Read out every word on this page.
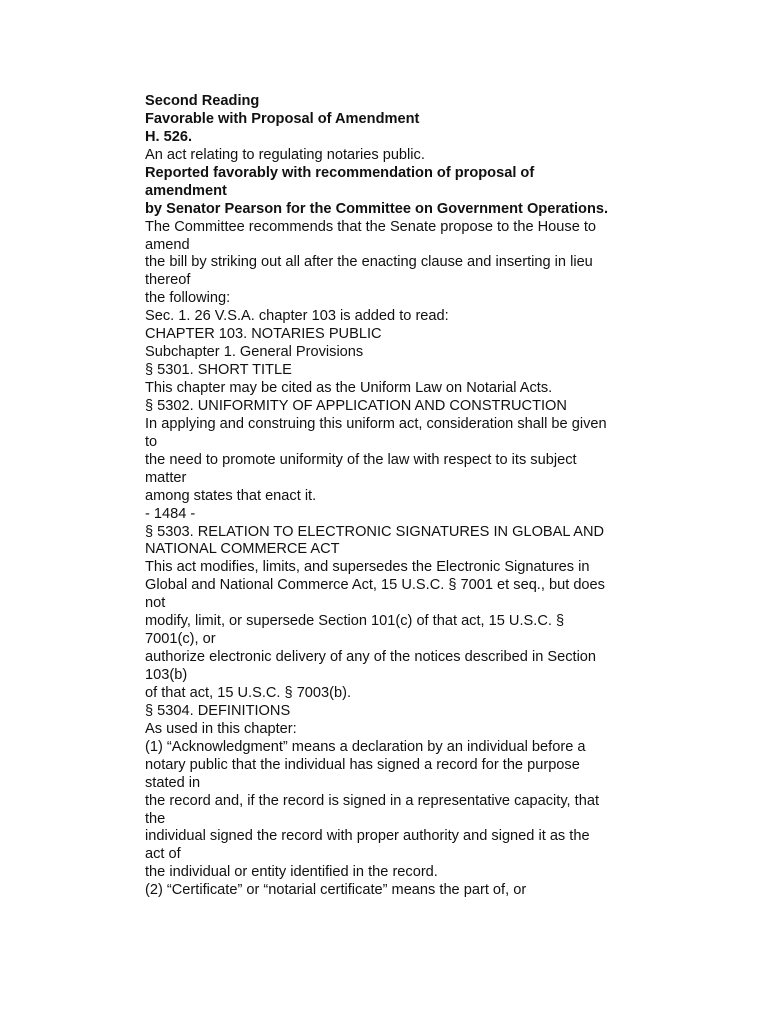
Second Reading
Favorable with Proposal of Amendment
H. 526.
An act relating to regulating notaries public.
Reported favorably with recommendation of proposal of
amendment
by Senator Pearson for the Committee on Government Operations.
The Committee recommends that the Senate propose to the House to
amend
the bill by striking out all after the enacting clause and inserting in lieu
thereof
the following:
Sec. 1. 26 V.S.A. chapter 103 is added to read:
CHAPTER 103. NOTARIES PUBLIC
Subchapter 1. General Provisions
§ 5301. SHORT TITLE
This chapter may be cited as the Uniform Law on Notarial Acts.
§ 5302. UNIFORMITY OF APPLICATION AND CONSTRUCTION
In applying and construing this uniform act, consideration shall be given
to
the need to promote uniformity of the law with respect to its subject
matter
among states that enact it.
- 1484 -
§ 5303. RELATION TO ELECTRONIC SIGNATURES IN GLOBAL AND
NATIONAL COMMERCE ACT
This act modifies, limits, and supersedes the Electronic Signatures in
Global and National Commerce Act, 15 U.S.C. § 7001 et seq., but does
not
modify, limit, or supersede Section 101(c) of that act, 15 U.S.C. §
7001(c), or
authorize electronic delivery of any of the notices described in Section
103(b)
of that act, 15 U.S.C. § 7003(b).
§ 5304. DEFINITIONS
As used in this chapter:
(1) “Acknowledgment” means a declaration by an individual before a
notary public that the individual has signed a record for the purpose
stated in
the record and, if the record is signed in a representative capacity, that
the
individual signed the record with proper authority and signed it as the
act of
the individual or entity identified in the record.
(2) “Certificate” or “notarial certificate” means the part of, or
